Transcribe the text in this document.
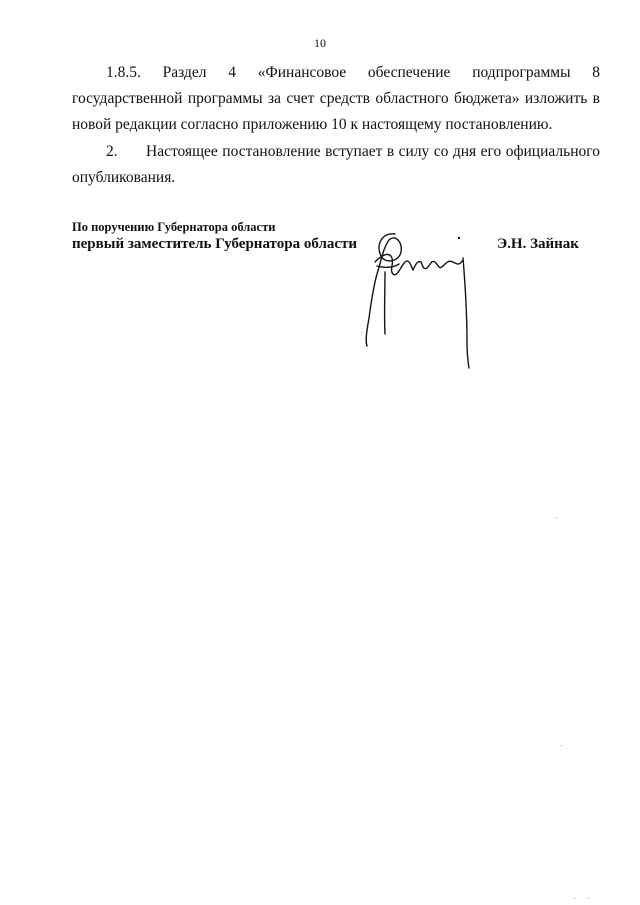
10

1.8.5. Раздел 4 «Финансовое обеспечение подпрограммы 8 государственной программы за счет средств областного бюджета» изложить в новой редакции согласно приложению 10 к настоящему постановлению.

2. Настоящее постановление вступает в силу со дня его официального опубликования.

По поручению Губернатора области
первый заместитель Губернатора области	Э.Н. Зайнак
